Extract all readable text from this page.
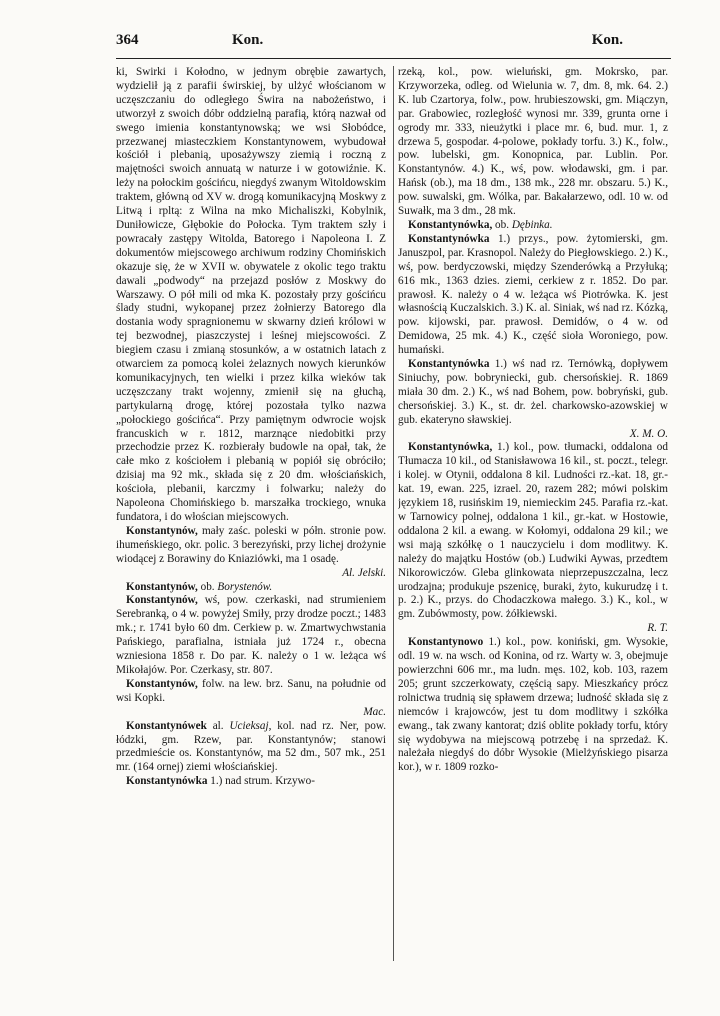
364	Kon.	Kon.

ki, Swirki i Kołodno, w jednym obrębie zawartych, wydzielił ją z parafii świrskiej, by ulżyć włościanom w uczęszczaniu do odległego Świra na nabożeństwo, i utworzył z swoich dóbr oddzielną parafią, którą nazwał od swego imienia konstantynowską; we wsi Słobódce, przezwanej miasteczkiem Konstantynowem, wybudował kościół i plebanią, uposażywszy ziemią i roczną z majętności swoich annuatą w naturze i w gotowiźnie. K. leży na połockim gościńcu, niegdyś zwanym Witoldowskim traktem, główną od XV w. drogą komunikacyjną Moskwy z Litwą i rpltą: z Wilna na mko Michaliszki, Kobylnik, Duniłowicze, Głębokie do Połocka. Tym traktem szły i powracały zastępy Witolda, Batorego i Napoleona I. Z dokumentów miejscowego archiwum rodziny Chomińskich okazuje się, że w XVII w. obywatele z okolic tego traktu dawali „podwody“ na przejazd posłów z Moskwy do Warszawy. O pół mili od mka K. pozostały przy gościńcu ślady studni, wykopanej przez żołnierzy Batorego dla dostania wody spragnionemu w skwarny dzień królowi w tej bezwodnej, piaszczystej i leśnej miejscowości. Z biegiem czasu i zmianą stosunków, a w ostatnich latach z otwarciem za pomocą kolei żelaznych nowych kierunków komunikacyjnych, ten wielki i przez kilka wieków tak uczęszczany trakt wojenny, zmienił się na głuchą, partykularną drogę, której pozostała tylko nazwa „połockiego gościńca“. Przy pamiętnym odwrocie wojsk francuskich w r. 1812, marznące niedobitki przy przechodzie przez K. rozbierały budowle na opał, tak, że całe mko z kościołem i plebanią w popiół się obróciło; dzisiaj ma 92 mk., składa się z 20 dm. włościańskich, kościoła, plebanii, karczmy i folwarku; należy do Napoleona Chomińskiego b. marszałka trockiego, wnuka fundatora, i do włościan miejscowych.

Konstantynów, mały zaśc. poleski w półn. stronie pow. ihumeńskiego, okr. polic. 3 berezyński, przy lichej drożynie wiodącej z Borawiny do Kniaziówki, ma 1 osadę.
Al. Jelski.

Konstantynów, ob. Borystenów.

Konstantynów, wś, pow. czerkaski, nad strumieniem Serebranką, o 4 w. powyżej Smiły, przy drodze poczt.; 1483 mk.; r. 1741 było 60 dm. Cerkiew p. w. Zmartwychwstania Pańskiego, parafialna, istniała już 1724 r., obecna wzniesiona 1858 r. Do par. K. należy o 1 w. leżąca wś Mikołajów. Por. Czerkasy, str. 807.

Konstantynów, folw. na lew. brz. Sanu, na południe od wsi Kopki.
Mac.

Konstantynówek al. Ucieksaj, kol. nad rz. Ner, pow. łódzki, gm. Rzew, par. Konstantynów; stanowi przedmieście os. Konstantynów, ma 52 dm., 507 mk., 251 mr. (164 ornej) ziemi włościańskiej.

Konstantynówka 1.) nad strum. Krzywo-

rzeką, kol., pow. wieluński, gm. Mokrsko, par. Krzyworzeka, odleg. od Wielunia w. 7, dm. 8, mk. 64. 2.) K. lub Czartorya, folw., pow. hrubieszowski, gm. Miączyn, par. Grabowiec, rozległość wynosi mr. 339, grunta orne i ogrody mr. 333, nieużytki i place mr. 6, bud. mur. 1, z drzewa 5, gospodar. 4-polowe, pokłady torfu. 3.) K., folw., pow. lubelski, gm. Konopnica, par. Lublin. Por. Konstantynów. 4.) K., wś, pow. włodawski, gm. i par. Hańsk (ob.), ma 18 dm., 138 mk., 228 mr. obszaru. 5.) K., pow. suwalski, gm. Wólka, par. Bakałarzewo, odl. 10 w. od Suwałk, ma 3 dm., 28 mk.

Konstantynówka, ob. Dębinka.

Konstantynówka 1.) przys., pow. żytomierski, gm. Januszpol, par. Krasnopol. Należy do Piegłowskiego. 2.) K., wś, pow. berdyczowski, między Szenderówką a Przyłuką; 616 mk., 1363 dzies. ziemi, cerkiew z r. 1852. Do par. prawosł. K. należy o 4 w. leżąca wś Piotrówka. K. jest własnością Kuczalskich. 3.) K. al. Siniak, wś nad rz. Kózką, pow. kijowski, par. prawosł. Demidów, o 4 w. od Demidowa, 25 mk. 4.) K., część sioła Woroniego, pow. humański.

Konstantynówka 1.) wś nad rz. Ternówką, dopływem Siniuchy, pow. bobryniecki, gub. chersońskiej. R. 1869 miała 30 dm. 2.) K., wś nad Bohem, pow. bobryński, gub. chersońskiej. 3.) K., st. dr. żel. charkowsko-azowskiej w gub. ekateryno sławskiej.
X. M. O.

Konstantynówka, 1.) kol., pow. tłumacki, oddalona od Tłumacza 10 kil., od Stanisławowa 16 kil., st. poczt., telegr. i kolej. w Otynii, oddalona 8 kil. Ludności rz.-kat. 18, gr.-kat. 19, ewan. 225, izrael. 20, razem 282; mówi polskim językiem 18, rusińskim 19, niemieckim 245. Parafia rz.-kat. w Tarnowicy polnej, oddalona 1 kil., gr.-kat. w Hostowie, oddalona 2 kil. a ewang. w Kołomyi, oddalona 29 kil.; we wsi mają szkółkę o 1 nauczycielu i dom modlitwy. K. należy do majątku Hostów (ob.) Ludwiki Aywas, przedtem Nikorowiczów. Gleba glinkowata nieprzepuszczalna, lecz urodzajna; produkuje pszenicę, buraki, żyto, kukurudzę i t. p. 2.) K., przys. do Chodaczkowa małego. 3.) K., kol., w gm. Zubówmosty, pow. żółkiewski.
R. T.

Konstantynowo 1.) kol., pow. koniński, gm. Wysokie, odl. 19 w. na wsch. od Konina, od rz. Warty w. 3, obejmuje powierzchni 606 mr., ma ludn. męs. 102, kob. 103, razem 205; grunt szczerkowaty, częścią sapy. Mieszkańcy prócz rolnictwa trudnią się spławem drzewa; ludność składa się z niemców i krajowców, jest tu dom modlitwy i szkółka ewang., tak zwany kantorat; dziś oblite pokłady torfu, który się wydobywa na miejscową potrzebę i na sprzedaż. K. należała niegdyś do dóbr Wysokie (Mielżyńskiego pisarza kor.), w r. 1809 rozko-
